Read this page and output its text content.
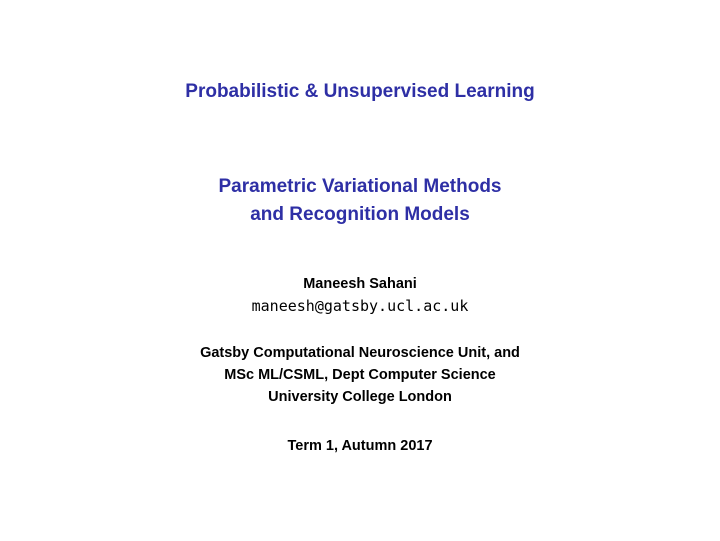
Probabilistic & Unsupervised Learning
Parametric Variational Methods
and Recognition Models
Maneesh Sahani
maneesh@gatsby.ucl.ac.uk
Gatsby Computational Neuroscience Unit, and
MSc ML/CSML, Dept Computer Science
University College London
Term 1, Autumn 2017
